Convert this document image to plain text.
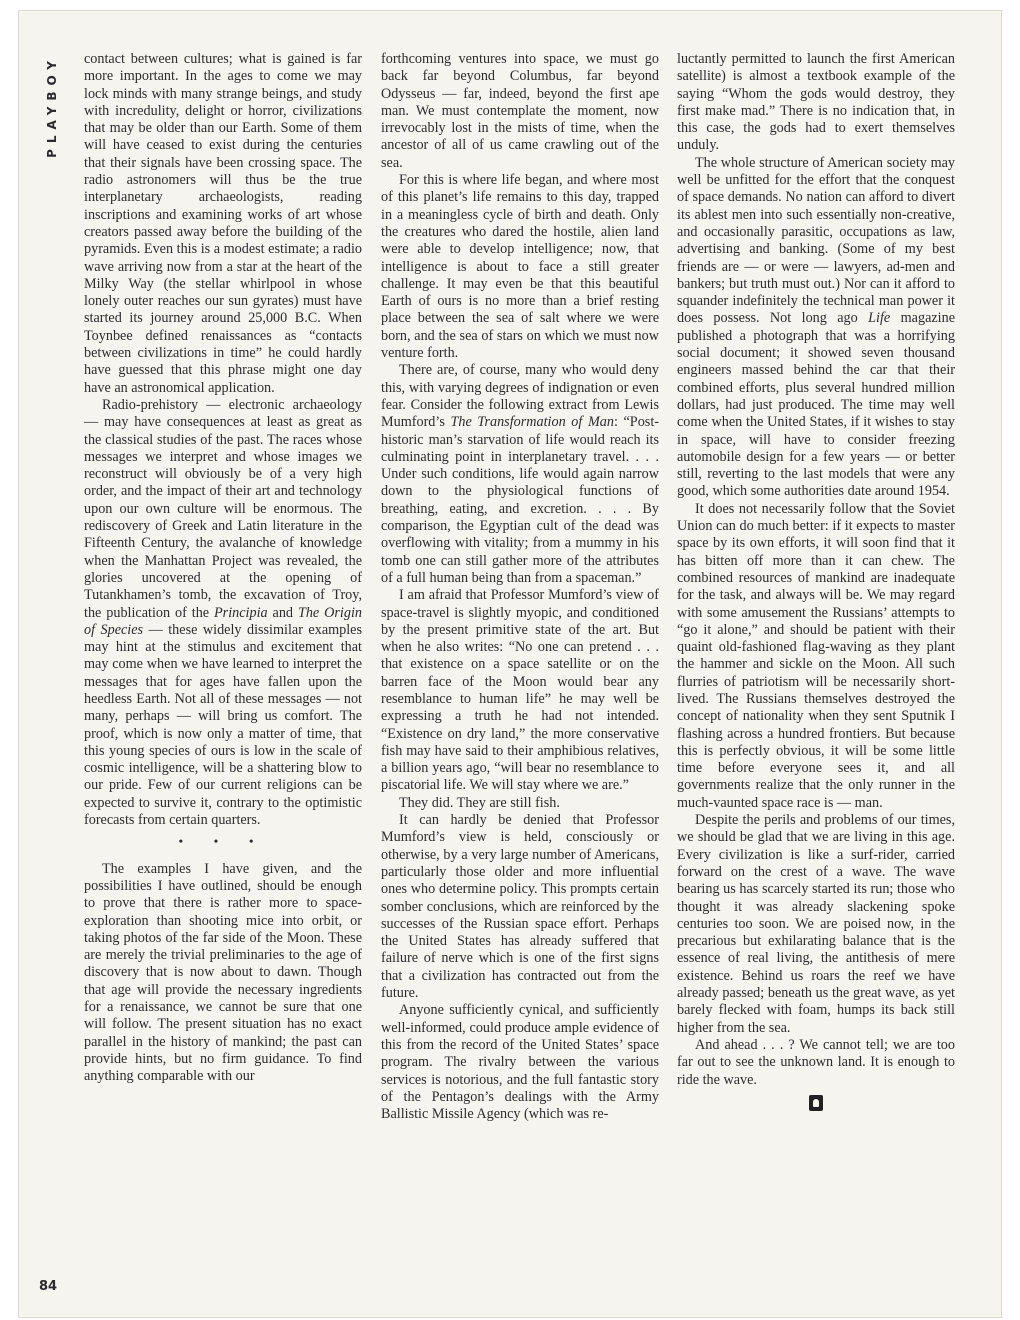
PLAYBOY	contact between cultures; what is gained is far more important. In the ages to come we may lock minds with many strange beings, and study with incredulity, delight or horror, civilizations that may be older than our Earth. Some of them will have ceased to exist during the centuries that their signals have been crossing space. The radio astronomers will thus be the true interplanetary archaeologists, reading inscriptions and examining works of art whose creators passed away before the building of the pyramids. Even this is a modest estimate; a radio wave arriving now from a star at the heart of the Milky Way (the stellar whirlpool in whose lonely outer reaches our sun gyrates) must have started its journey around 25,000 B.C. When Toynbee defined renaissances as “contacts between civilizations in time” he could hardly have guessed that this phrase might one day have an astronomical application.

Radio-prehistory — electronic archaeology — may have consequences at least as great as the classical studies of the past. The races whose messages we interpret and whose images we reconstruct will obviously be of a very high order, and the impact of their art and technology upon our own culture will be enormous. The rediscovery of Greek and Latin literature in the Fifteenth Century, the avalanche of knowledge when the Manhattan Project was revealed, the glories uncovered at the opening of Tutankhamen’s tomb, the excavation of Troy, the publication of the Principia and The Origin of Species — these widely dissimilar examples may hint at the stimulus and excitement that may come when we have learned to interpret the messages that for ages have fallen upon the heedless Earth. Not all of these messages — not many, perhaps — will bring us comfort. The proof, which is now only a matter of time, that this young species of ours is low in the scale of cosmic intelligence, will be a shattering blow to our pride. Few of our current religions can be expected to survive it, contrary to the optimistic forecasts from certain quarters.

• • •

The examples I have given, and the possibilities I have outlined, should be enough to prove that there is rather more to space-exploration than shooting mice into orbit, or taking photos of the far side of the Moon. These are merely the trivial preliminaries to the age of discovery that is now about to dawn. Though that age will provide the necessary ingredients for a renaissance, we cannot be sure that one will follow. The present situation has no exact parallel in the history of mankind; the past can provide hints, but no firm guidance. To find anything comparable with our

forthcoming ventures into space, we must go back far beyond Columbus, far beyond Odysseus — far, indeed, beyond the first ape man. We must contemplate the moment, now irrevocably lost in the mists of time, when the ancestor of all of us came crawling out of the sea.

For this is where life began, and where most of this planet’s life remains to this day, trapped in a meaningless cycle of birth and death. Only the creatures who dared the hostile, alien land were able to develop intelligence; now, that intelligence is about to face a still greater challenge. It may even be that this beautiful Earth of ours is no more than a brief resting place between the sea of salt where we were born, and the sea of stars on which we must now venture forth.

There are, of course, many who would deny this, with varying degrees of indignation or even fear. Consider the following extract from Lewis Mumford’s The Transformation of Man: “Post-historic man’s starvation of life would reach its culminating point in interplanetary travel. . . . Under such conditions, life would again narrow down to the physiological functions of breathing, eating, and excretion. . . . By comparison, the Egyptian cult of the dead was overflowing with vitality; from a mummy in his tomb one can still gather more of the attributes of a full human being than from a spaceman.”

I am afraid that Professor Mumford’s view of space-travel is slightly myopic, and conditioned by the present primitive state of the art. But when he also writes: “No one can pretend . . . that existence on a space satellite or on the barren face of the Moon would bear any resemblance to human life” he may well be expressing a truth he had not intended. “Existence on dry land,” the more conservative fish may have said to their amphibious relatives, a billion years ago, “will bear no resemblance to piscatorial life. We will stay where we are.”

They did. They are still fish.

It can hardly be denied that Professor Mumford’s view is held, consciously or otherwise, by a very large number of Americans, particularly those older and more influential ones who determine policy. This prompts certain somber conclusions, which are reinforced by the successes of the Russian space effort. Perhaps the United States has already suffered that failure of nerve which is one of the first signs that a civilization has contracted out from the future.

Anyone sufficiently cynical, and sufficiently well-informed, could produce ample evidence of this from the record of the United States’ space program. The rivalry between the various services is notorious, and the full fantastic story of the Pentagon’s dealings with the Army Ballistic Missile Agency (which was re-

luctantly permitted to launch the first American satellite) is almost a textbook example of the saying “Whom the gods would destroy, they first make mad.” There is no indication that, in this case, the gods had to exert themselves unduly.

The whole structure of American society may well be unfitted for the effort that the conquest of space demands. No nation can afford to divert its ablest men into such essentially non-creative, and occasionally parasitic, occupations as law, advertising and banking. (Some of my best friends are — or were — lawyers, ad-men and bankers; but truth must out.) Nor can it afford to squander indefinitely the technical man power it does possess. Not long ago Life magazine published a photograph that was a horrifying social document; it showed seven thousand engineers massed behind the car that their combined efforts, plus several hundred million dollars, had just produced. The time may well come when the United States, if it wishes to stay in space, will have to consider freezing automobile design for a few years — or better still, reverting to the last models that were any good, which some authorities date around 1954.

It does not necessarily follow that the Soviet Union can do much better: if it expects to master space by its own efforts, it will soon find that it has bitten off more than it can chew. The combined resources of mankind are inadequate for the task, and always will be. We may regard with some amusement the Russians’ attempts to “go it alone,” and should be patient with their quaint old-fashioned flag-waving as they plant the hammer and sickle on the Moon. All such flurries of patriotism will be necessarily short-lived. The Russians themselves destroyed the concept of nationality when they sent Sputnik I flashing across a hundred frontiers. But because this is perfectly obvious, it will be some little time before everyone sees it, and all governments realize that the only runner in the much-vaunted space race is — man.

Despite the perils and problems of our times, we should be glad that we are living in this age. Every civilization is like a surf-rider, carried forward on the crest of a wave. The wave bearing us has scarcely started its run; those who thought it was already slackening spoke centuries too soon. We are poised now, in the precarious but exhilarating balance that is the essence of real living, the antithesis of mere existence. Behind us roars the reef we have already passed; beneath us the great wave, as yet barely flecked with foam, humps its back still higher from the sea.

And ahead . . . ? We cannot tell; we are too far out to see the unknown land. It is enough to ride the wave.

84
